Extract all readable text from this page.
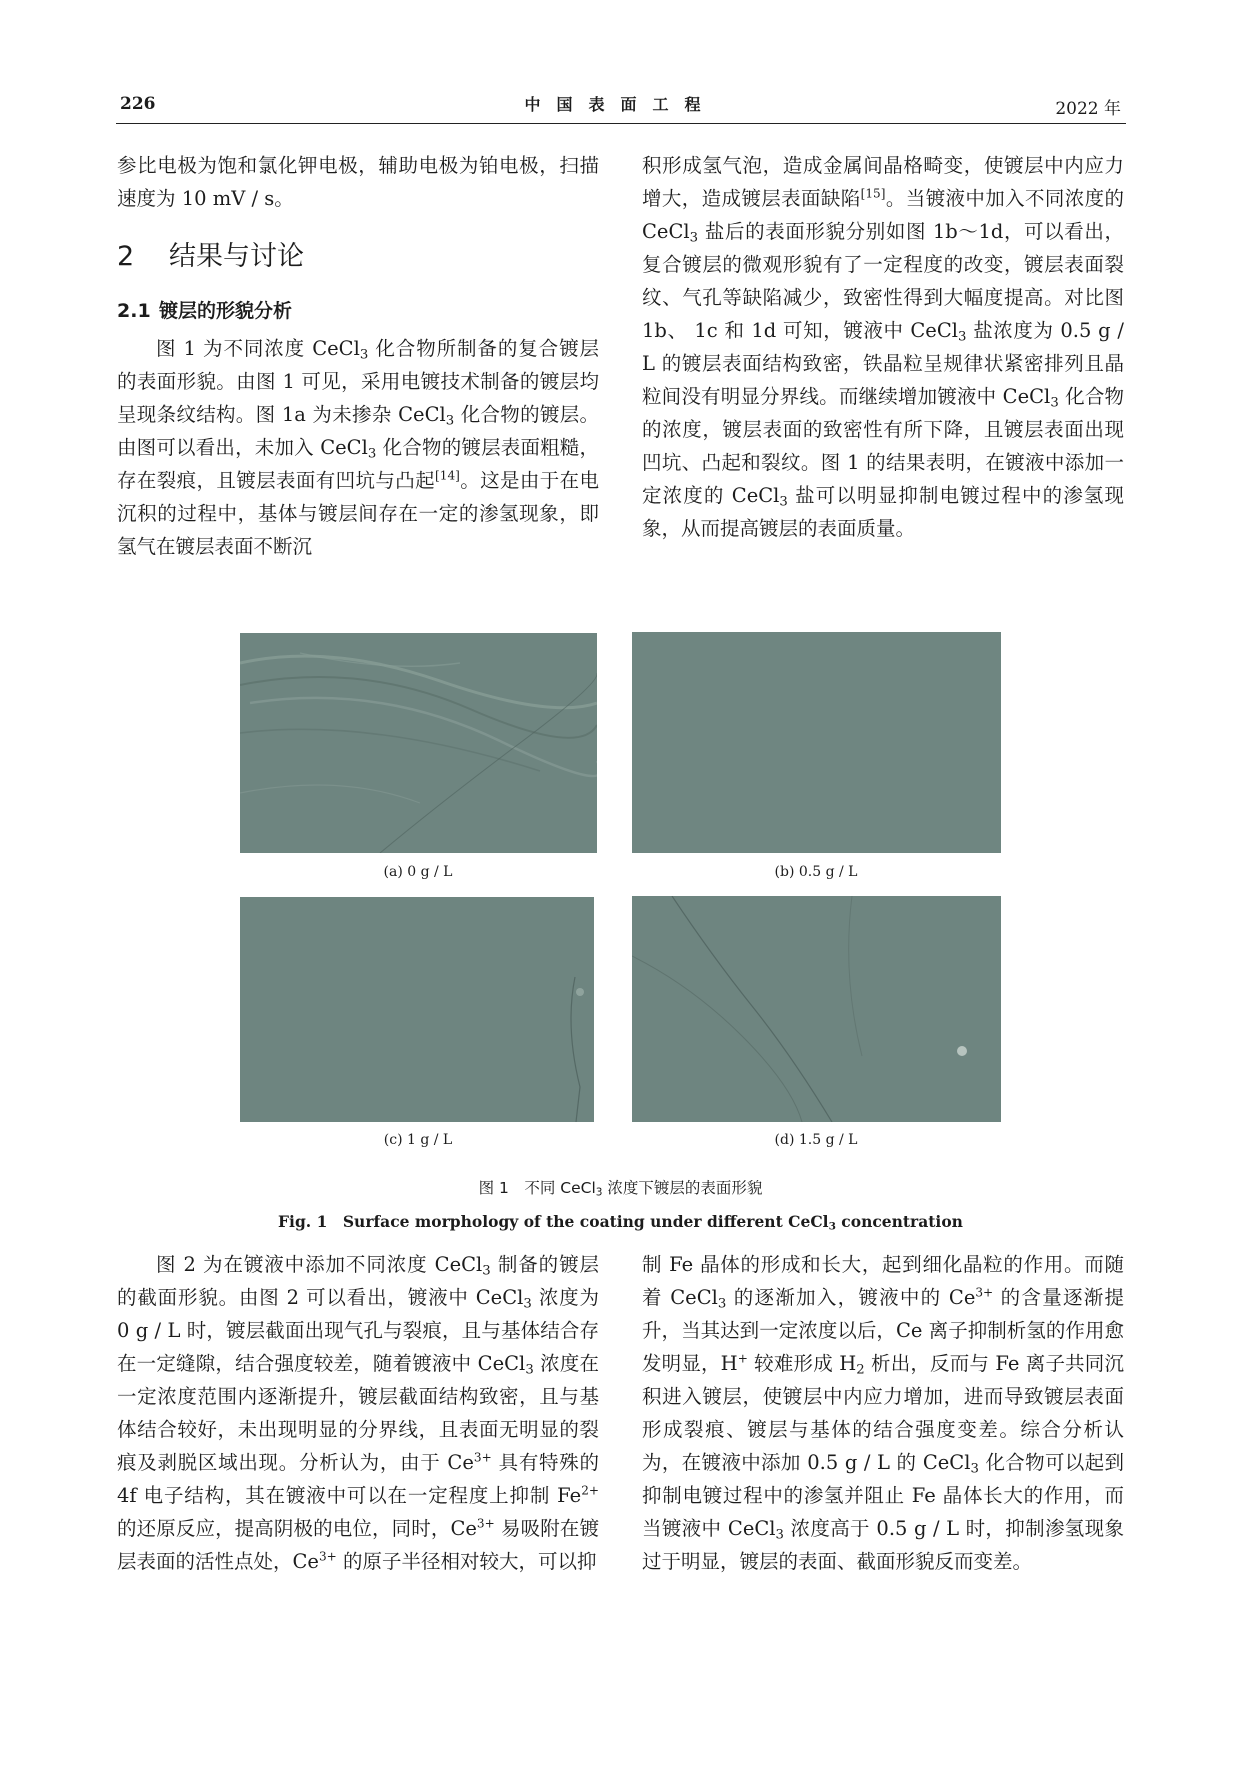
226	中国表面工程	2022 年

参比电极为饱和氯化钾电极，辅助电极为铂电极，扫描速度为 10 mV / s。

2 结果与讨论

2.1 镀层的形貌分析

图 1 为不同浓度 CeCl$_3$ 化合物所制备的复合镀层的表面形貌。由图 1 可见，采用电镀技术制备的镀层均呈现条纹结构。图 1a 为未掺杂 CeCl$_3$ 化合物的镀层。由图可以看出，未加入 CeCl$_3$ 化合物的镀层表面粗糙，存在裂痕，且镀层表面有凹坑与凸起[14]。这是由于在电沉积的过程中，基体与镀层间存在一定的渗氢现象，即氢气在镀层表面不断沉

积形成氢气泡，造成金属间晶格畸变，使镀层中内应力增大，造成镀层表面缺陷[15]。当镀液中加入不同浓度的 CeCl$_3$ 盐后的表面形貌分别如图 1b～1d，可以看出，复合镀层的微观形貌有了一定程度的改变，镀层表面裂纹、气孔等缺陷减少，致密性得到大幅度提高。对比图 1b、 1c 和 1d 可知，镀液中 CeCl$_3$ 盐浓度为 0.5 g / L 的镀层表面结构致密，铁晶粒呈规律状紧密排列且晶粒间没有明显分界线。而继续增加镀液中 CeCl$_3$ 化合物的浓度，镀层表面的致密性有所下降，且镀层表面出现凹坑、凸起和裂纹。图 1 的结果表明，在镀液中添加一定浓度的 CeCl$_3$ 盐可以明显抑制电镀过程中的渗氢现象，从而提高镀层的表面质量。

(a) 0 g / L	(b) 0.5 g / L
(c) 1 g / L	(d) 1.5 g / L
图 1　不同 CeCl$_3$ 浓度下镀层的表面形貌
Fig. 1　Surface morphology of the coating under different CeCl$_3$ concentration

图 2 为在镀液中添加不同浓度 CeCl$_3$ 制备的镀层的截面形貌。由图 2 可以看出，镀液中 CeCl$_3$ 浓度为 0 g / L 时，镀层截面出现气孔与裂痕，且与基体结合存在一定缝隙，结合强度较差，随着镀液中 CeCl$_3$ 浓度在一定浓度范围内逐渐提升，镀层截面结构致密，且与基体结合较好，未出现明显的分界线，且表面无明显的裂痕及剥脱区域出现。分析认为，由于 $Ce^{3+}$ 具有特殊的 4f 电子结构，其在镀液中可以在一定程度上抑制 $Fe^{2+}$ 的还原反应，提高阴极的电位，同时，$Ce^{3+}$ 易吸附在镀层表面的活性点处，$Ce^{3+}$ 的原子半径相对较大，可以抑

制 Fe 晶体的形成和长大，起到细化晶粒的作用。而随着 CeCl$_3$ 的逐渐加入，镀液中的 $Ce^{3+}$ 的含量逐渐提升，当其达到一定浓度以后，Ce 离子抑制析氢的作用愈发明显，H+ 较难形成 $H_2$ 析出，反而与 Fe 离子共同沉积进入镀层，使镀层中内应力增加，进而导致镀层表面形成裂痕、镀层与基体的结合强度变差。综合分析认为，在镀液中添加 0.5 g / L 的 CeCl$_3$ 化合物可以起到抑制电镀过程中的渗氢并阻止 Fe 晶体长大的作用，而当镀液中 CeCl$_3$ 浓度高于 0.5 g / L 时，抑制渗氢现象过于明显，镀层的表面、截面形貌反而变差。
